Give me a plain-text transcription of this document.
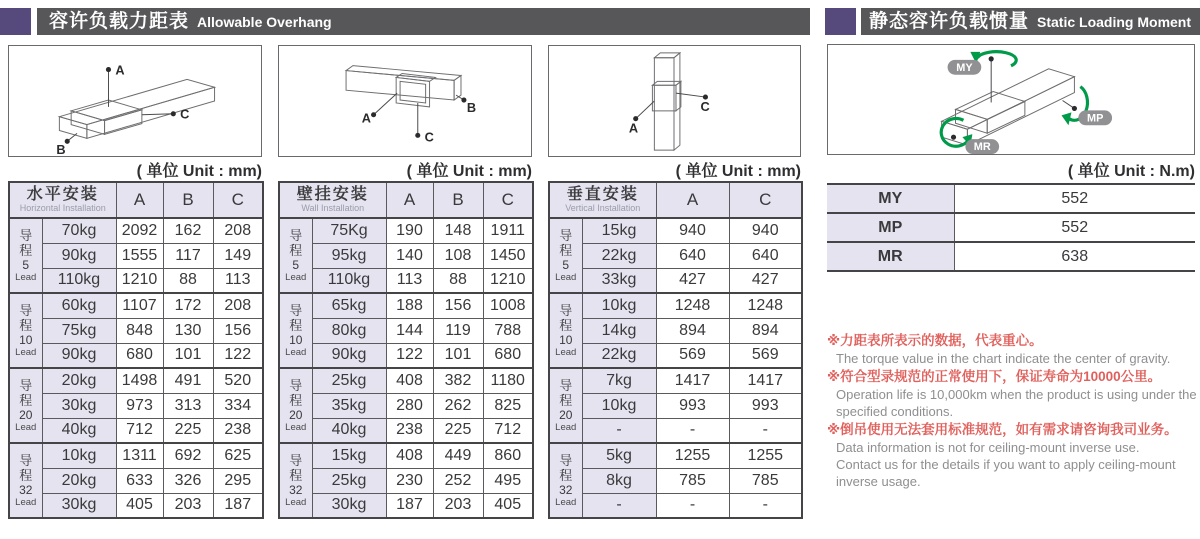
容许负载力距表 Allowable Overhang	静态容许负载惯量 Static Loading Moment
A
B
C	A
C
B
A
C
MY
MP
MR
( 单位 Unit : mm)	( 单位 Unit : mm)	( 单位 Unit : mm)	( 单位 Unit : N.m)
水平安装
Horizontal Installation		A	B	C

导
程
5
Lead	70kg	2092	162	208
	90kg	1555	117	149
	110kg	1210	88	113

导
程
10
Lead	60kg	1107	172	208
	75kg	848	130	156
	90kg	680	101	122

导
程
20
Lead	20kg	1498	491	520
	30kg	973	313	334
	40kg	712	225	238

导
程
32
Lead	10kg	1311	692	625
	20kg	633	326	295
	30kg	405	203	187
壁挂安装
Wall Installation		A	B	C

导
程
5
Lead	75Kg	190	148	1911
	95kg	140	108	1450
	110kg	113	88	1210

导
程
10
Lead	65kg	188	156	1008
	80kg	144	119	788
	90kg	122	101	680

导
程
20
Lead	25kg	408	382	1180
	35kg	280	262	825
	40kg	238	225	712

导
程
32
Lead	15kg	408	449	860
	25kg	230	252	495
	30kg	187	203	405
垂直安装
Vertical Installation		A	C

导
程
5
Lead	15kg	940	940
	22kg	640	640
	33kg	427	427

导
程
10
Lead	10kg	1248	1248
	14kg	894	894
	22kg	569	569

导
程
20
Lead	7kg	1417	1417
	10kg	993	993
	-	-	-

导
程
32
Lead	5kg	1255	1255
	8kg	785	785
	-	-	-
MY	552
MP	552
MR	638
※力距表所表示的数据，代表重心。
The torque value in the chart indicate the center of gravity.
※符合型录规范的正常使用下，保证寿命为10000公里。
Operation life is 10,000km when the product is using under the specified conditions.
※倒吊使用无法套用标准规范，如有需求请咨询我司业务。
Data information is not for ceiling-mount inverse use.
Contact us for the details if you want to apply ceiling-mount inverse usage.
